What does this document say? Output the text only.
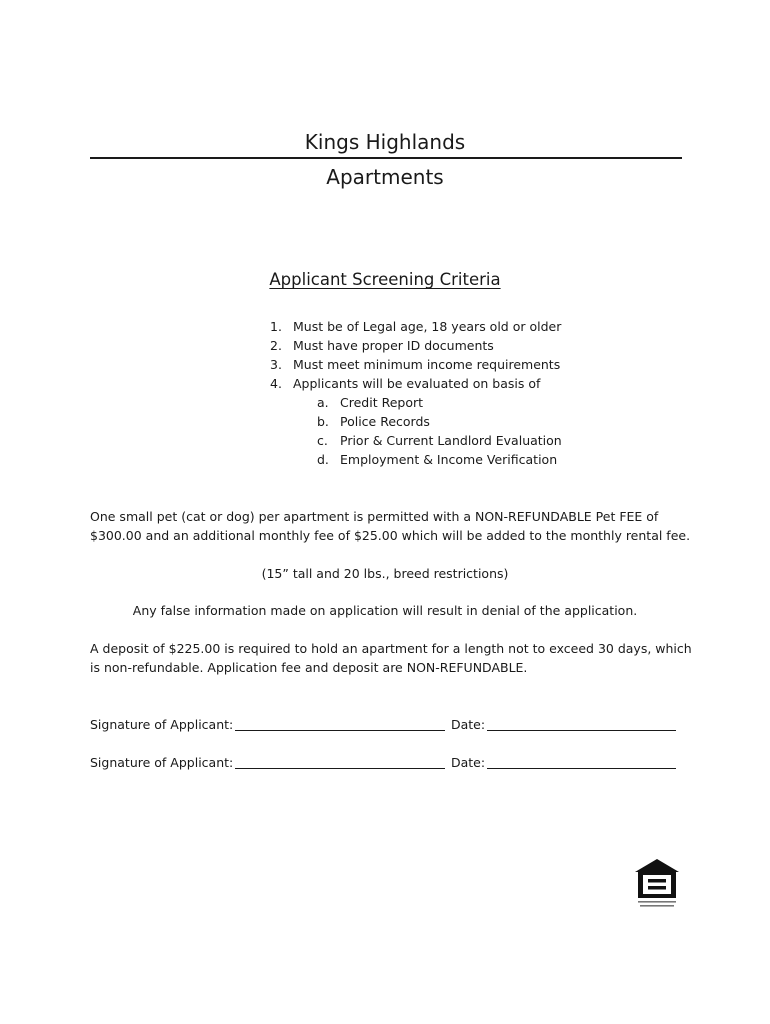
Kings Highlands
Apartments
Applicant Screening Criteria
1. Must be of Legal age, 18 years old or older
2. Must have proper ID documents
3. Must meet minimum income requirements
4. Applicants will be evaluated on basis of
a. Credit Report
b. Police Records
c. Prior & Current Landlord Evaluation
d. Employment & Income Verification
One small pet (cat or dog) per apartment is permitted with a NON-REFUNDABLE Pet FEE of
$300.00 and an additional monthly fee of $25.00 which will be added to the monthly rental fee.
(15” tall and 20 lbs., breed restrictions)
Any false information made on application will result in denial of the application.
A deposit of $225.00 is required to hold an apartment for a length not to exceed 30 days, which
is non-refundable. Application fee and deposit are NON-REFUNDABLE.
Signature of Applicant:	Date:
Signature of Applicant:	Date:
